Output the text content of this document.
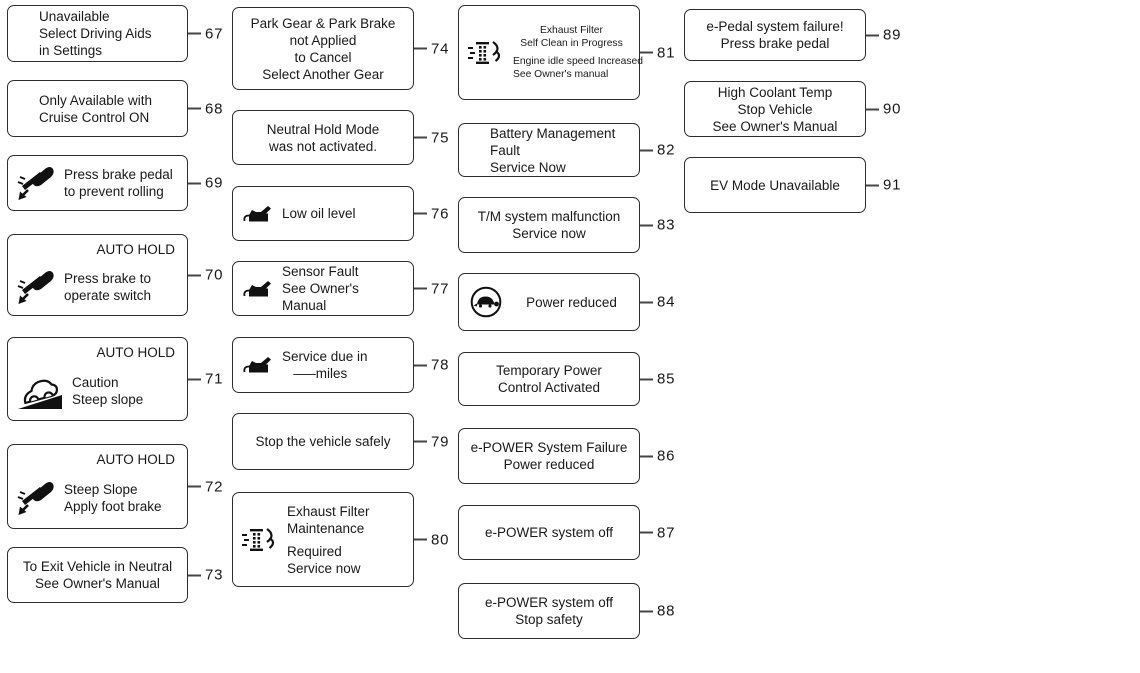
Unavailable
Select Driving Aids
in Settings
67
Only Available with
Cruise Control ON	68
Press brake pedal
to prevent rolling	69
AUTO HOLD
Press brake to
operate switch
70
AUTO HOLD
Caution
Steep slope
71
AUTO HOLD
Steep Slope
Apply foot brake
72
To Exit Vehicle in Neutral
See Owner's Manual	73
Park Gear & Park Brake
not Applied
to Cancel
Select Another Gear
74
Neutral Hold Mode
was not activated.	75
Low oil level	76
Sensor Fault
See Owner's Manual
77
Service due in
–––miles	78
Stop the vehicle safely	79
Exhaust Filter
Maintenance
Required
Service now
80
Exhaust Filter
Self Clean in Progress
Engine idle speed Increased
See Owner's manual
81
Battery Management
Fault
Service Now
82
T/M system malfunction
Service now	83
Power reduced	84
Temporary Power
Control Activated	85
e-POWER System Failure
Power reduced	86
e-POWER system off	87
e-POWER system off
Stop safety	88
e-Pedal system failure!
Press brake pedal	89
High Coolant Temp
Stop Vehicle
See Owner's Manual
90
EV Mode Unavailable	91
